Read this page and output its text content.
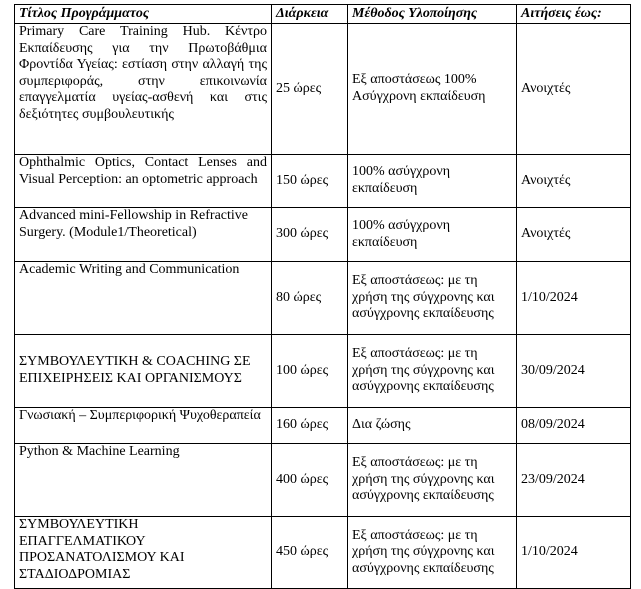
Τίτλος Προγράμματος	Διάρκεια	Μέθοδος Υλοποίησης	Αιτήσεις έως:
Primary Care Training Hub. Κέντρο Εκπαίδευσης για την Πρωτοβάθμια Φροντίδα Υγείας: εστίαση στην αλλαγή της συμπεριφοράς, στην επικοινωνία επαγγελματία υγείας-ασθενή και στις δεξιότητες συμβουλευτικής	25 ώρες	Εξ αποστάσεως 100% Ασύγχρονη εκπαίδευση	Ανοιχτές
Ophthalmic Optics, Contact Lenses and Visual Perception: an optometric approach	150 ώρες	100% ασύγχρονη εκπαίδευση	Ανοιχτές
Advanced mini-Fellowship in Refractive Surgery. (Module1/Theoretical)	300 ώρες	100% ασύγχρονη εκπαίδευση	Ανοιχτές
Academic Writing and Communication	80 ώρες	Εξ αποστάσεως: με τη χρήση της σύγχρονης και ασύγχρονης εκπαίδευσης	1/10/2024
ΣΥΜΒΟΥΛΕΥΤΙΚΗ & COACHING ΣΕ ΕΠΙΧΕΙΡΗΣΕΙΣ ΚΑΙ ΟΡΓΑΝΙΣΜΟΥΣ	100 ώρες	Εξ αποστάσεως: με τη χρήση της σύγχρονης και ασύγχρονης εκπαίδευσης	30/09/2024
Γνωσιακή – Συμπεριφορική Ψυχοθεραπεία	160 ώρες	Δια ζώσης	08/09/2024
Python & Machine Learning	400 ώρες	Εξ αποστάσεως: με τη χρήση της σύγχρονης και ασύγχρονης εκπαίδευσης	23/09/2024
ΣΥΜΒΟΥΛΕΥΤΙΚΗ ΕΠΑΓΓΕΛΜΑΤΙΚΟΥ ΠΡΟΣΑΝΑΤΟΛΙΣΜΟΥ ΚΑΙ ΣΤΑΔΙΟΔΡΟΜΙΑΣ	450 ώρες	Εξ αποστάσεως: με τη χρήση της σύγχρονης και ασύγχρονης εκπαίδευσης	1/10/2024
